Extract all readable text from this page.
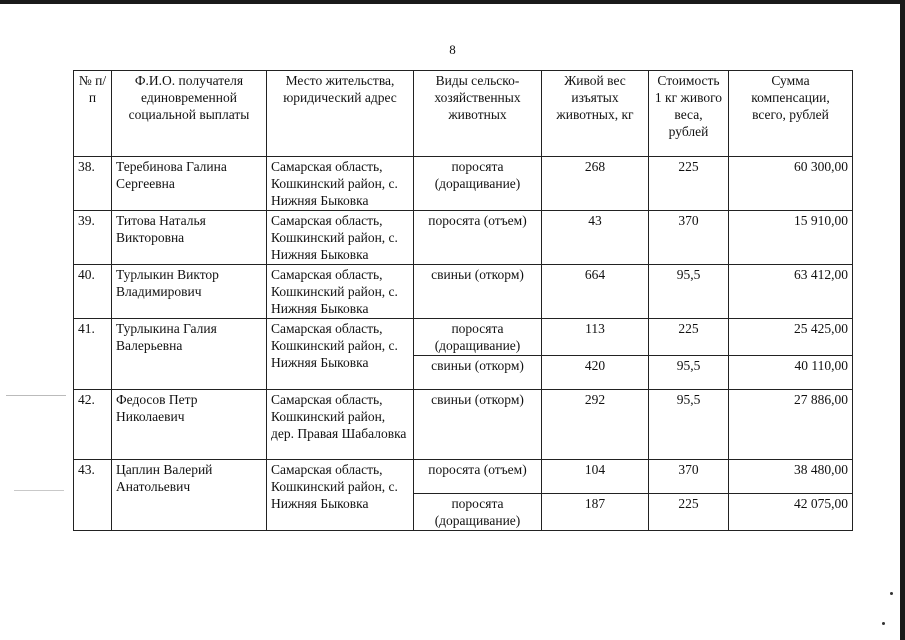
8
№ п/п	Ф.И.О. получателя единовременной социальной выплаты	Место жительства, юридический адрес	Виды сельско-хозяйственных животных	Живой вес изъятых животных, кг	Стоимость 1 кг живого веса, рублей	Сумма компенсации, всего, рублей
38.	Теребинова Галина Сергеевна	Самарская область, Кошкинский район, с. Нижняя Быковка	поросята (доращивание)	268	225	60 300,00
39.	Титова Наталья Викторовна	Самарская область, Кошкинский район, с. Нижняя Быковка	поросята (отъем)	43	370	15 910,00
40.	Турлыкин Виктор Владимирович	Самарская область, Кошкинский район, с. Нижняя Быковка	свиньи (откорм)	664	95,5	63 412,00
41.	Турлыкина Галия Валерьевна	Самарская область, Кошкинский район, с. Нижняя Быковка	поросята (доращивание)	113	225	25 425,00
			свиньи (откорм)	420	95,5	40 110,00
42.	Федосов Петр Николаевич	Самарская область, Кошкинский район, дер. Правая Шабаловка	свиньи (откорм)	292	95,5	27 886,00
43.	Цаплин Валерий Анатольевич	Самарская область, Кошкинский район, с. Нижняя Быковка	поросята (отъем)	104	370	38 480,00
			поросята (доращивание)	187	225	42 075,00
